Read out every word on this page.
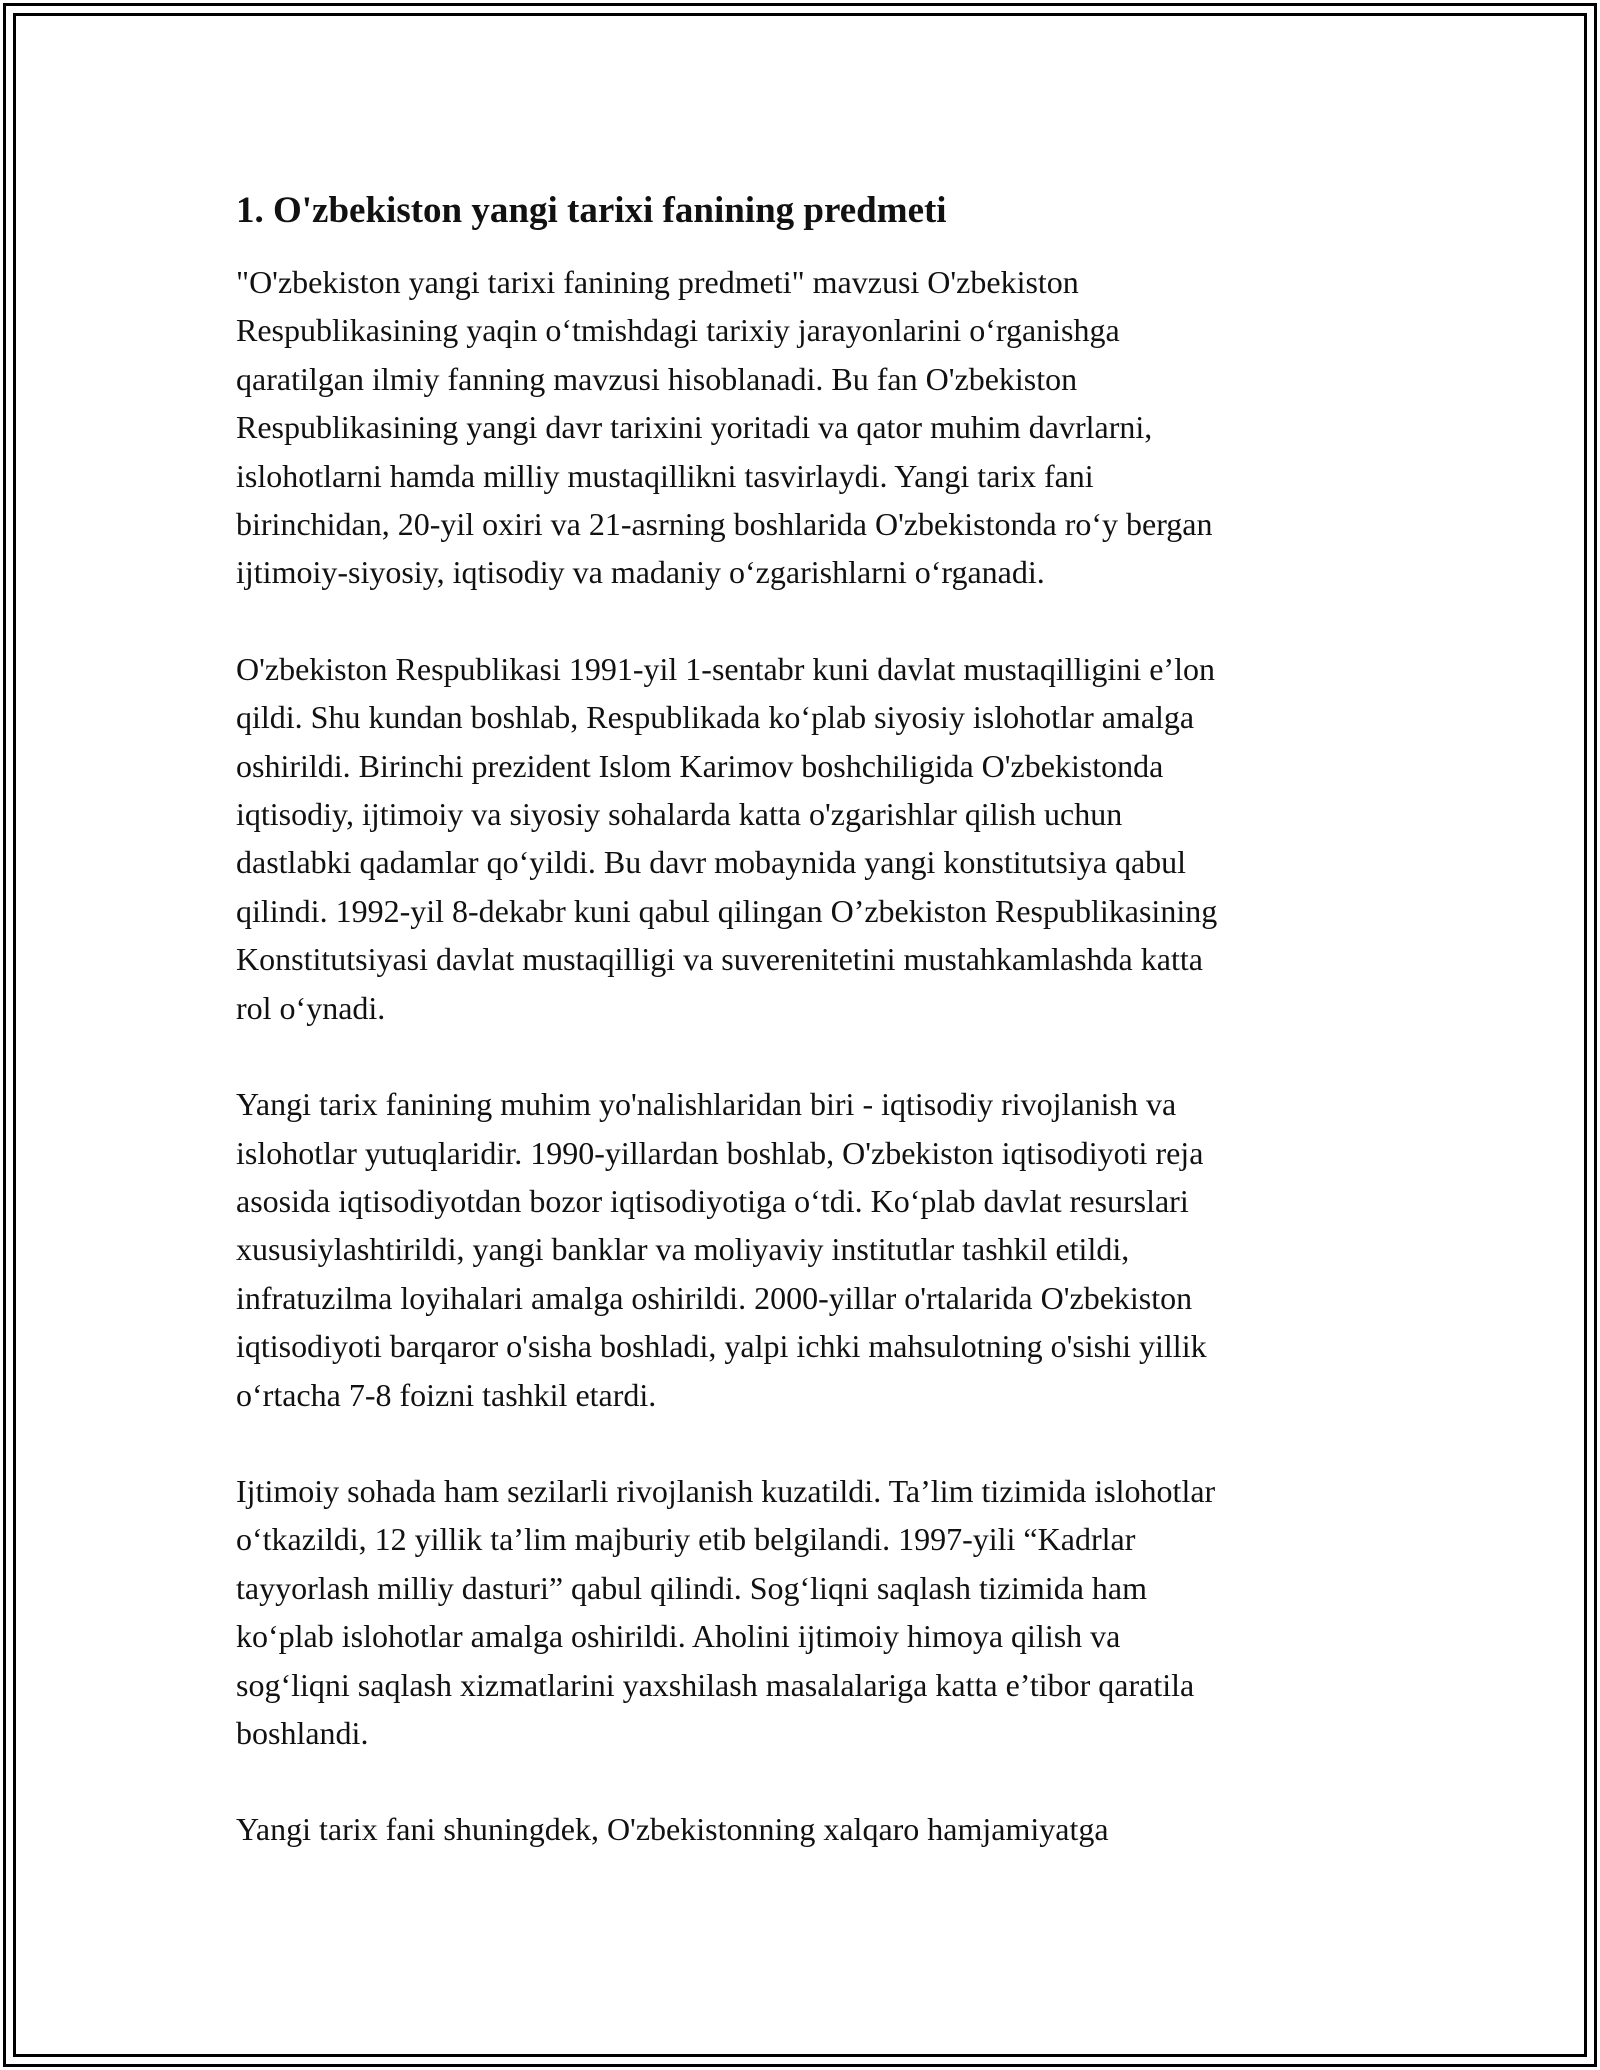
1. O'zbekiston yangi tarixi fanining predmeti

"O'zbekiston yangi tarixi fanining predmeti" mavzusi O'zbekiston
Respublikasining yaqin oʻtmishdagi tarixiy jarayonlarini oʻrganishga
qaratilgan ilmiy fanning mavzusi hisoblanadi. Bu fan O'zbekiston
Respublikasining yangi davr tarixini yoritadi va qator muhim davrlarni,
islohotlarni hamda milliy mustaqillikni tasvirlaydi. Yangi tarix fani
birinchidan, 20-yil oxiri va 21-asrning boshlarida O'zbekistonda roʻy bergan
ijtimoiy-siyosiy, iqtisodiy va madaniy oʻzgarishlarni oʻrganadi.

O'zbekiston Respublikasi 1991-yil 1-sentabr kuni davlat mustaqilligini e’lon
qildi. Shu kundan boshlab, Respublikada koʻplab siyosiy islohotlar amalga
oshirildi. Birinchi prezident Islom Karimov boshchiligida O'zbekistonda
iqtisodiy, ijtimoiy va siyosiy sohalarda katta o'zgarishlar qilish uchun
dastlabki qadamlar qoʻyildi. Bu davr mobaynida yangi konstitutsiya qabul
qilindi. 1992-yil 8-dekabr kuni qabul qilingan O’zbekiston Respublikasining
Konstitutsiyasi davlat mustaqilligi va suverenitetini mustahkamlashda katta
rol oʻynadi.

Yangi tarix fanining muhim yo'nalishlaridan biri - iqtisodiy rivojlanish va
islohotlar yutuqlaridir. 1990-yillardan boshlab, O'zbekiston iqtisodiyoti reja
asosida iqtisodiyotdan bozor iqtisodiyotiga oʻtdi. Koʻplab davlat resurslari
xususiylashtirildi, yangi banklar va moliyaviy institutlar tashkil etildi,
infratuzilma loyihalari amalga oshirildi. 2000-yillar o'rtalarida O'zbekiston
iqtisodiyoti barqaror o'sisha boshladi, yalpi ichki mahsulotning o'sishi yillik
oʻrtacha 7-8 foizni tashkil etardi.

Ijtimoiy sohada ham sezilarli rivojlanish kuzatildi. Ta’lim tizimida islohotlar
oʻtkazildi, 12 yillik ta’lim majburiy etib belgilandi. 1997-yili “Kadrlar
tayyorlash milliy dasturi” qabul qilindi. Sogʻliqni saqlash tizimida ham
koʻplab islohotlar amalga oshirildi. Aholini ijtimoiy himoya qilish va
sogʻliqni saqlash xizmatlarini yaxshilash masalalariga katta e’tibor qaratila
boshlandi.

Yangi tarix fani shuningdek, O'zbekistonning xalqaro hamjamiyatga
